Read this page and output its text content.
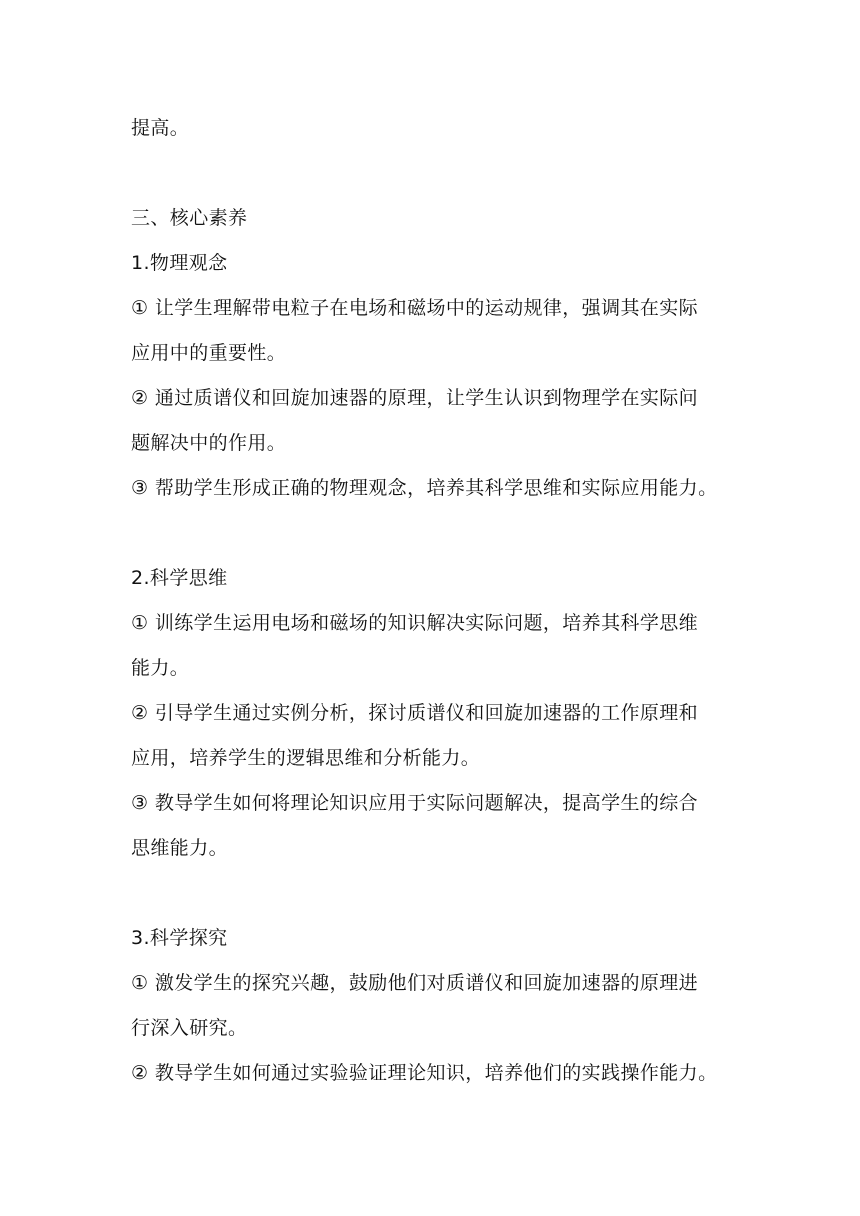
提高。
三、核心素养
1.物理观念
① 让学生理解带电粒子在电场和磁场中的运动规律，强调其在实际
应用中的重要性。
② 通过质谱仪和回旋加速器的原理，让学生认识到物理学在实际问
题解决中的作用。
③ 帮助学生形成正确的物理观念，培养其科学思维和实际应用能力。
2.科学思维
① 训练学生运用电场和磁场的知识解决实际问题，培养其科学思维
能力。
② 引导学生通过实例分析，探讨质谱仪和回旋加速器的工作原理和
应用，培养学生的逻辑思维和分析能力。
③ 教导学生如何将理论知识应用于实际问题解决，提高学生的综合
思维能力。
3.科学探究
① 激发学生的探究兴趣，鼓励他们对质谱仪和回旋加速器的原理进
行深入研究。
② 教导学生如何通过实验验证理论知识，培养他们的实践操作能力。
